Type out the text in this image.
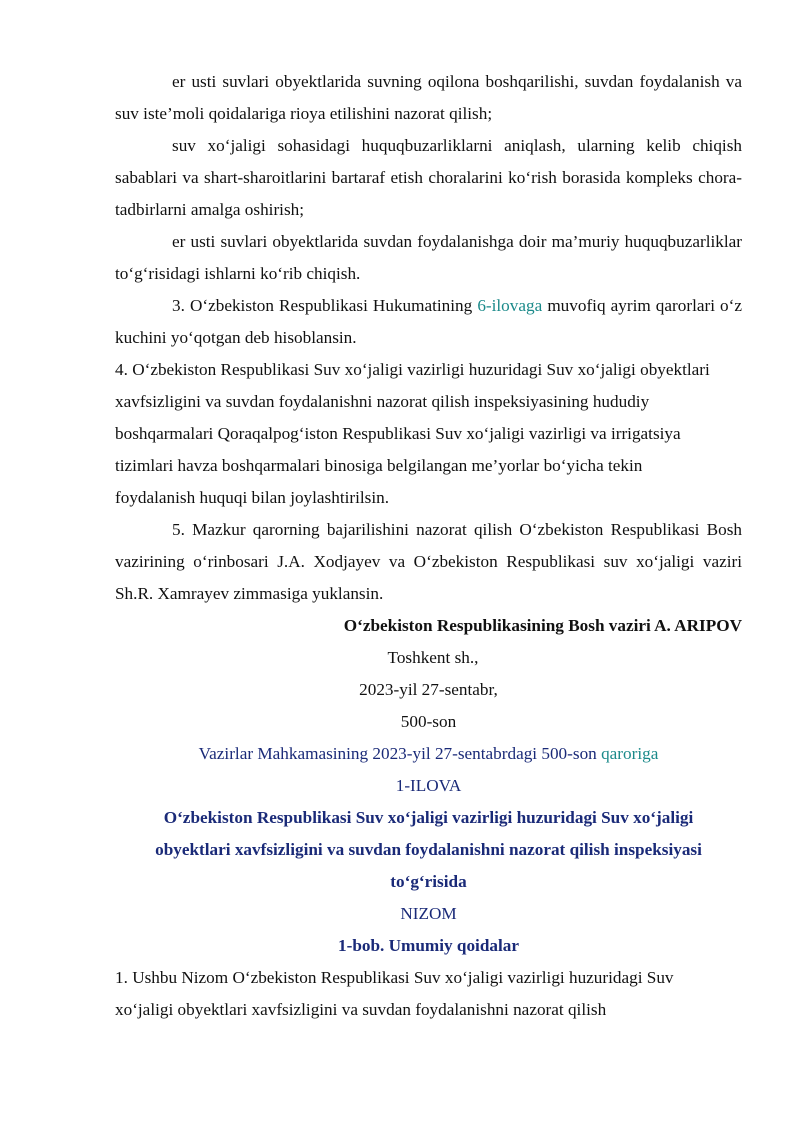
er usti suvlari obyektlarida suvning oqilona boshqarilishi, suvdan foydalanish va suv iste’moli qoidalariga rioya etilishini nazorat qilish;

suv xo‘jaligi sohasidagi huquqbuzarliklarni aniqlash, ularning kelib chiqish sabablari va shart-sharoitlarini bartaraf etish choralarini ko‘rish borasida kompleks chora-tadbirlarni amalga oshirish;

er usti suvlari obyektlarida suvdan foydalanishga doir ma’muriy huquqbuzarliklar to‘g‘risidagi ishlarni ko‘rib chiqish.

3. O‘zbekiston Respublikasi Hukumatining 6-ilovaga muvofiq ayrim qarorlari o‘z kuchini yo‘qotgan deb hisoblansin.

4. O‘zbekiston Respublikasi Suv xo‘jaligi vazirligi huzuridagi Suv xo‘jaligi obyektlari xavfsizligini va suvdan foydalanishni nazorat qilish inspeksiyasining hududiy boshqarmalari Qoraqalpog‘iston Respublikasi Suv xo‘jaligi vazirligi va irrigatsiya tizimlari havza boshqarmalari binosiga belgilangan me’yorlar bo‘yicha tekin foydalanish huquqi bilan joylashtirilsin.

5. Mazkur qarorning bajarilishini nazorat qilish O‘zbekiston Respublikasi Bosh vazirining o‘rinbosari J.A. Xodjayev va O‘zbekiston Respublikasi suv xo‘jaligi vaziri Sh.R. Xamrayev zimmasiga yuklansin.

O‘zbekiston Respublikasining Bosh vaziri A. ARIPOV

Toshkent sh.,

2023-yil 27-sentabr,

500-son

Vazirlar Mahkamasining 2023-yil 27-sentabrdagi 500-son qaroriga

1-ILOVA

O‘zbekiston Respublikasi Suv xo‘jaligi vazirligi huzuridagi Suv xo‘jaligi

obyektlari xavfsizligini va suvdan foydalanishni nazorat qilish inspeksiyasi

to‘g‘risida

NIZOM

1-bob. Umumiy qoidalar

1. Ushbu Nizom O‘zbekiston Respublikasi Suv xo‘jaligi vazirligi huzuridagi Suv

xo‘jaligi obyektlari xavfsizligini va suvdan foydalanishni nazorat qilish
